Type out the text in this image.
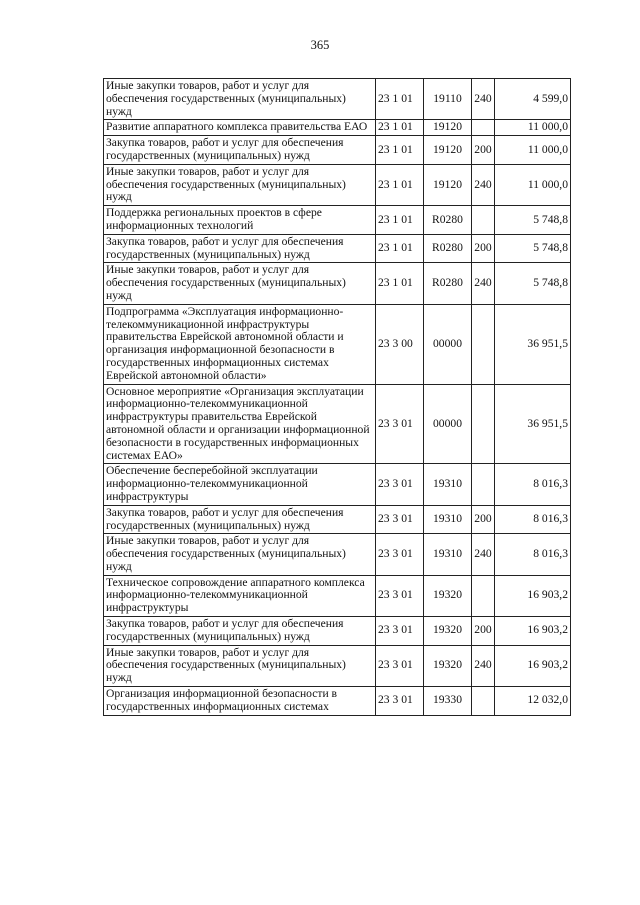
365
Иные закупки товаров, работ и услуг для обеспечения государственных (муниципальных) нужд	23 1 01	19110	240	4 599,0
Развитие аппаратного комплекса правительства ЕАО	23 1 01	19120		11 000,0
Закупка товаров, работ и услуг для обеспечения государственных (муниципальных) нужд	23 1 01	19120	200	11 000,0
Иные закупки товаров, работ и услуг для обеспечения государственных (муниципальных) нужд	23 1 01	19120	240	11 000,0
Поддержка региональных проектов в сфере информационных технологий	23 1 01	R0280		5 748,8
Закупка товаров, работ и услуг для обеспечения государственных (муниципальных) нужд	23 1 01	R0280	200	5 748,8
Иные закупки товаров, работ и услуг для обеспечения государственных (муниципальных) нужд	23 1 01	R0280	240	5 748,8
Подпрограмма «Эксплуатация информационно-телекоммуникационной инфраструктуры правительства Еврейской автономной области и организация информационной безопасности в государственных информационных системах Еврейской автономной области»	23 3 00	00000		36 951,5
Основное мероприятие «Организация эксплуатации информационно-телекоммуникационной инфраструктуры правительства Еврейской автономной области и организации информационной безопасности в государственных информационных системах ЕАО»	23 3 01	00000		36 951,5
Обеспечение бесперебойной эксплуатации информационно-телекоммуникационной инфраструктуры	23 3 01	19310		8 016,3
Закупка товаров, работ и услуг для обеспечения государственных (муниципальных) нужд	23 3 01	19310	200	8 016,3
Иные закупки товаров, работ и услуг для обеспечения государственных (муниципальных) нужд	23 3 01	19310	240	8 016,3
Техническое сопровождение аппаратного комплекса информационно-телекоммуникационной инфраструктуры	23 3 01	19320		16 903,2
Закупка товаров, работ и услуг для обеспечения государственных (муниципальных) нужд	23 3 01	19320	200	16 903,2
Иные закупки товаров, работ и услуг для обеспечения государственных (муниципальных) нужд	23 3 01	19320	240	16 903,2
Организация информационной безопасности в государственных информационных системах	23 3 01	19330		12 032,0
